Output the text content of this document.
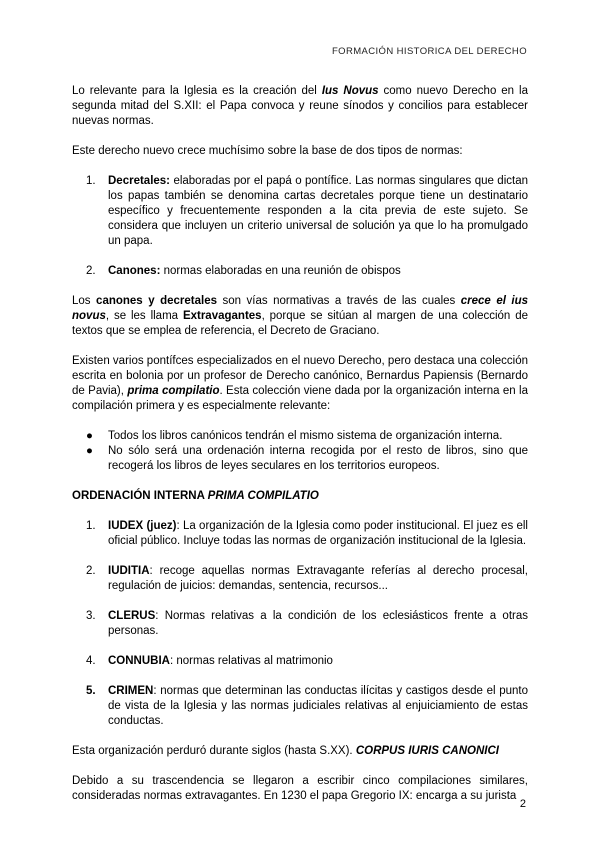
FORMACIÓN HISTORICA DEL DERECHO

Lo relevante para la Iglesia es la creación del Ius Novus como nuevo Derecho en la segunda mitad del S.XII: el Papa convoca y reune sínodos y concilios para establecer nuevas normas.

Este derecho nuevo crece muchísimo sobre la base de dos tipos de normas:

1. Decretales: elaboradas por el papá o pontífice. Las normas singulares que dictan los papas también se denomina cartas decretales porque tiene un destinatario específico y frecuentemente responden a la cita previa de este sujeto. Se considera que incluyen un criterio universal de solución ya que lo ha promulgado un papa.
2. Canones: normas elaboradas en una reunión de obispos

Los canones y decretales son vías normativas a través de las cuales crece el ius novus, se les llama Extravagantes, porque se sitúan al margen de una colección de textos que se emplea de referencia, el Decreto de Graciano.

Existen varios pontífces especializados en el nuevo Derecho, pero destaca una colección escrita en bolonia por un profesor de Derecho canónico, Bernardus Papiensis (Bernardo de Pavia), prima compilatio. Esta colección viene dada por la organización interna en la compilación primera y es especialmente relevante:

● Todos los libros canónicos tendrán el mismo sistema de organización interna.
● No sólo será una ordenación interna recogida por el resto de libros, sino que recogerá los libros de leyes seculares en los territorios europeos.

ORDENACIÓN INTERNA PRIMA COMPILATIO

1. IUDEX (juez): La organización de la Iglesia como poder institucional. El juez es ell oficial público. Incluye todas las normas de organización institucional de la Iglesia.
2. IUDITIA: recoge aquellas normas Extravagante referías al derecho procesal, regulación de juicios: demandas, sentencia, recursos...
3. CLERUS: Normas relativas a la condición de los eclesiásticos frente a otras personas.
4. CONNUBIA: normas relativas al matrimonio
5. CRIMEN: normas que determinan las conductas ilícitas y castigos desde el punto de vista de la Iglesia y las normas judiciales relativas al enjuiciamiento de estas conductas.

Esta organización perduró durante siglos (hasta S.XX). CORPUS IURIS CANONICI

Debido a su trascendencia se llegaron a escribir cinco compilaciones similares, consideradas normas extravagantes. En 1230 el papa Gregorio IX: encarga a su jurista

2
